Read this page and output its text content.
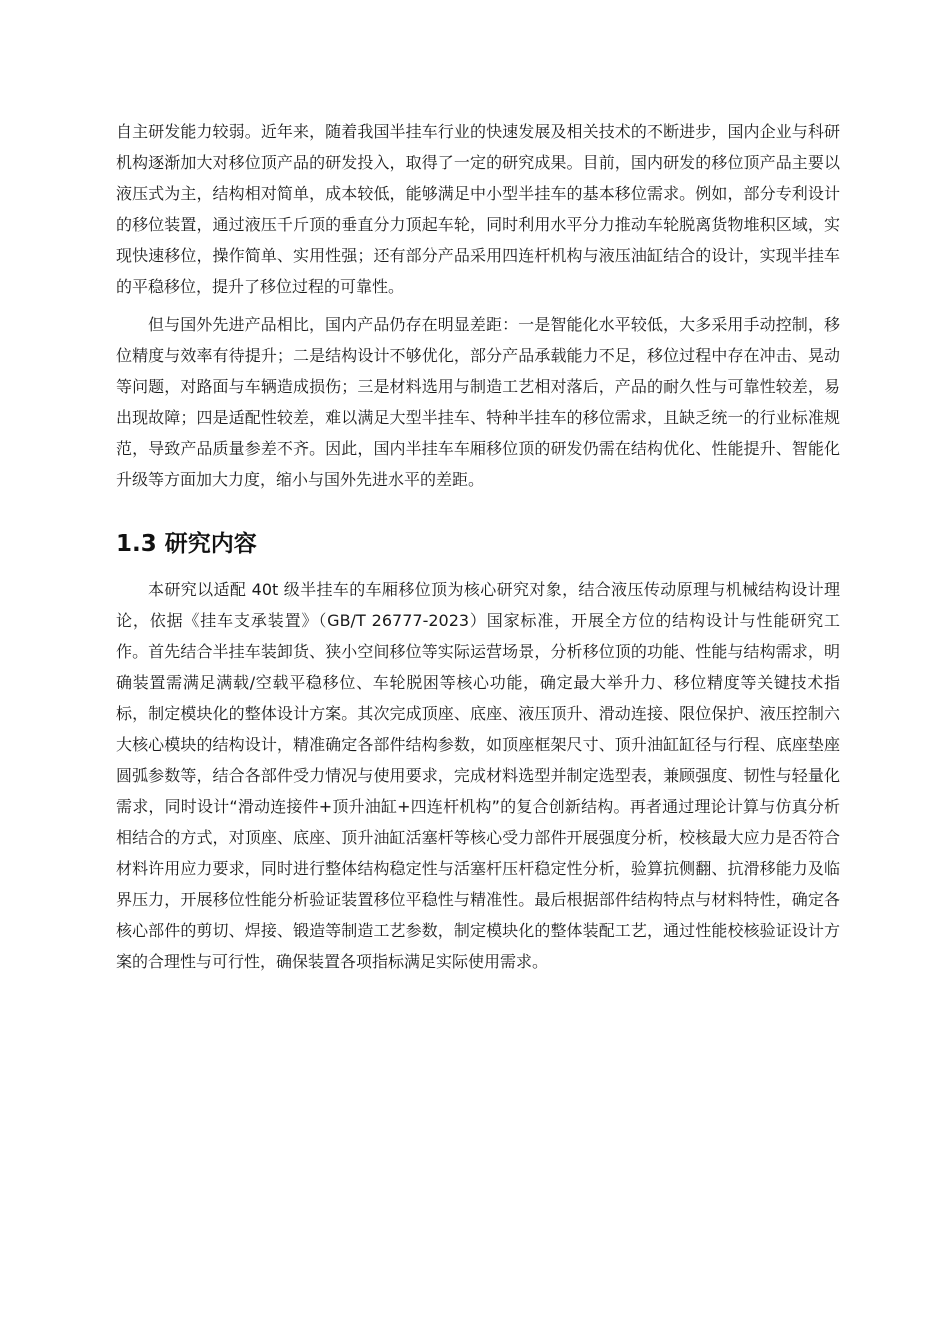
自主研发能力较弱。近年来，随着我国半挂车行业的快速发展及相关技术的不断进步，国内企业与科研机构逐渐加大对移位顶产品的研发投入，取得了一定的研究成果。目前，国内研发的移位顶产品主要以液压式为主，结构相对简单，成本较低，能够满足中小型半挂车的基本移位需求。例如，部分专利设计的移位装置，通过液压千斤顶的垂直分力顶起车轮，同时利用水平分力推动车轮脱离货物堆积区域，实现快速移位，操作简单、实用性强；还有部分产品采用四连杆机构与液压油缸结合的设计，实现半挂车的平稳移位，提升了移位过程的可靠性。

但与国外先进产品相比，国内产品仍存在明显差距：一是智能化水平较低，大多采用手动控制，移位精度与效率有待提升；二是结构设计不够优化，部分产品承载能力不足，移位过程中存在冲击、晃动等问题，对路面与车辆造成损伤；三是材料选用与制造工艺相对落后，产品的耐久性与可靠性较差，易出现故障；四是适配性较差，难以满足大型半挂车、特种半挂车的移位需求，且缺乏统一的行业标准规范，导致产品质量参差不齐。因此，国内半挂车车厢移位顶的研发仍需在结构优化、性能提升、智能化升级等方面加大力度，缩小与国外先进水平的差距。

1.3 研究内容

本研究以适配 40t 级半挂车的车厢移位顶为核心研究对象，结合液压传动原理与机械结构设计理论，依据《挂车支承装置》（GB/T 26777-2023）国家标准，开展全方位的结构设计与性能研究工作。首先结合半挂车装卸货、狭小空间移位等实际运营场景，分析移位顶的功能、性能与结构需求，明确装置需满足满载/空载平稳移位、车轮脱困等核心功能，确定最大举升力、移位精度等关键技术指标，制定模块化的整体设计方案。其次完成顶座、底座、液压顶升、滑动连接、限位保护、液压控制六大核心模块的结构设计，精准确定各部件结构参数，如顶座框架尺寸、顶升油缸缸径与行程、底座垫座圆弧参数等，结合各部件受力情况与使用要求，完成材料选型并制定选型表，兼顾强度、韧性与轻量化需求，同时设计“滑动连接件+顶升油缸+四连杆机构”的复合创新结构。再者通过理论计算与仿真分析相结合的方式，对顶座、底座、顶升油缸活塞杆等核心受力部件开展强度分析，校核最大应力是否符合材料许用应力要求，同时进行整体结构稳定性与活塞杆压杆稳定性分析，验算抗侧翻、抗滑移能力及临界压力，开展移位性能分析验证装置移位平稳性与精准性。最后根据部件结构特点与材料特性，确定各核心部件的剪切、焊接、锻造等制造工艺参数，制定模块化的整体装配工艺，通过性能校核验证设计方案的合理性与可行性，确保装置各项指标满足实际使用需求。
